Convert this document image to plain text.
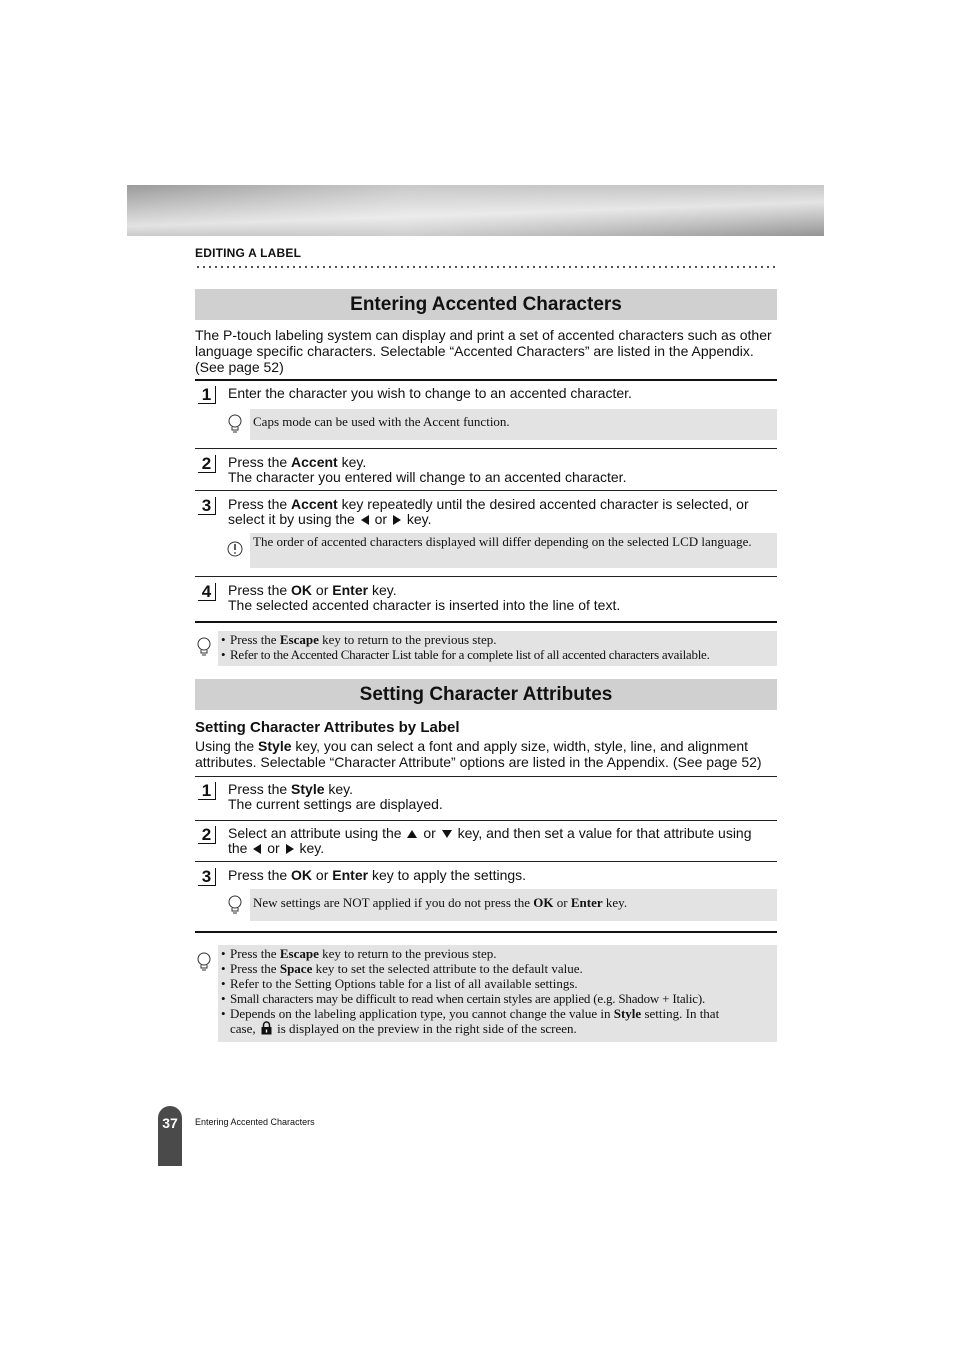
EDITING A LABEL
Entering Accented Characters
The P-touch labeling system can display and print a set of accented characters such as other language specific characters. Selectable “Accented Characters” are listed in the Appendix. (See page 52)
1	Enter the character you wish to change to an accented character.
Caps mode can be used with the Accent function.
2	Press the Accent key.
The character you entered will change to an accented character.
3	Press the Accent key repeatedly until the desired accented character is selected, or select it by using the or key.
The order of accented characters displayed will differ depending on the selected LCD language.
4	Press the OK or Enter key.
The selected accented character is inserted into the line of text.
• Press the Escape key to return to the previous step.
• Refer to the Accented Character List table for a complete list of all accented characters available.
Setting Character Attributes
Setting Character Attributes by Label
Using the Style key, you can select a font and apply size, width, style, line, and alignment attributes. Selectable “Character Attribute” options are listed in the Appendix. (See page 52)
1	Press the Style key.
The current settings are displayed.
2	Select an attribute using the or key, and then set a value for that attribute using
the or key.
3	Press the OK or Enter key to apply the settings.
New settings are NOT applied if you do not press the OK or Enter key.
• Press the Escape key to return to the previous step.
• Press the Space key to set the selected attribute to the default value.
• Refer to the Setting Options table for a list of all available settings.
• Small characters may be difficult to read when certain styles are applied (e.g. Shadow + Italic).
• Depends on the labeling application type, you cannot change the value in Style setting. In that
case, is displayed on the preview in the right side of the screen.
37	Entering Accented Characters
